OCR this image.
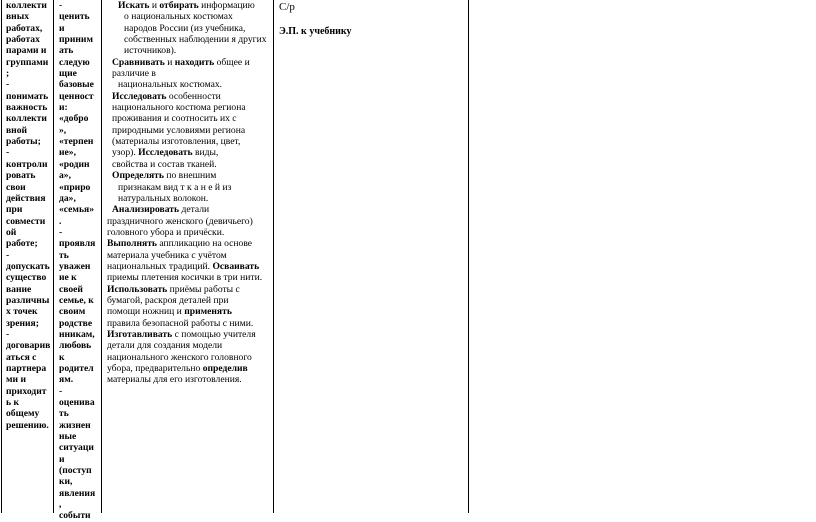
коллекти
вных
работах,
работах
парами и
группами
;
-
понимать
важность
коллекти
вной
работы;
-
контроли
ровать
свои
действия
при
совмести
ой
работе;
-
допускать
существо
вание
различны
х точек
зрения;
-
договарив
аться с
партнера
ми и
приходит
ь к
общему
решению.
-
ценить
и
приним
ать
следую
щие
базовые
ценност
и:
«добро
»,
«терпен
ие»,
«родин
а»,
«приро
да»,
«семья»
.
-
проявля
ть
уважен
ие к
своей
семье, к
своим
родстве
нникам,
любовь
к
родител
ям.
-
оценива
ть
жизнен
ные
ситуаци
и
(поступ
ки,
явления
,
событи
Искать и отбирать информацию
о национальных костюмах
народов России (из учебника,
собственных наблюдении я других
источников).
Сравнивать и находить общее и
различие в
национальных костюмах.
Исследовать особенности
национального костюма региона
проживания и соотносить их с
природными условиями региона
(материалы изготовления, цвет,
узор). Исследовать виды,
свойства и состав тканей.
Определять по внешним
признакам вид т к а н е й из
натуральных волокон.
Анализировать детали
праздничного женского (девичьего)
головного убора и причёски.
Выполнять аппликацию на основе
материала учебника с учётом
национальных традиций. Осваивать
приемы плетения косички в три нити.
Использовать приёмы работы с
бумагой, раскроя деталей при
помощи ножниц и применять
правила безопасной работы с ними.
Изготавливать с помощью учителя
детали для создания модели
национального женского головного
убора, предварительно определив
материалы для его изготовления.
С/р
Э.П. к учебнику
